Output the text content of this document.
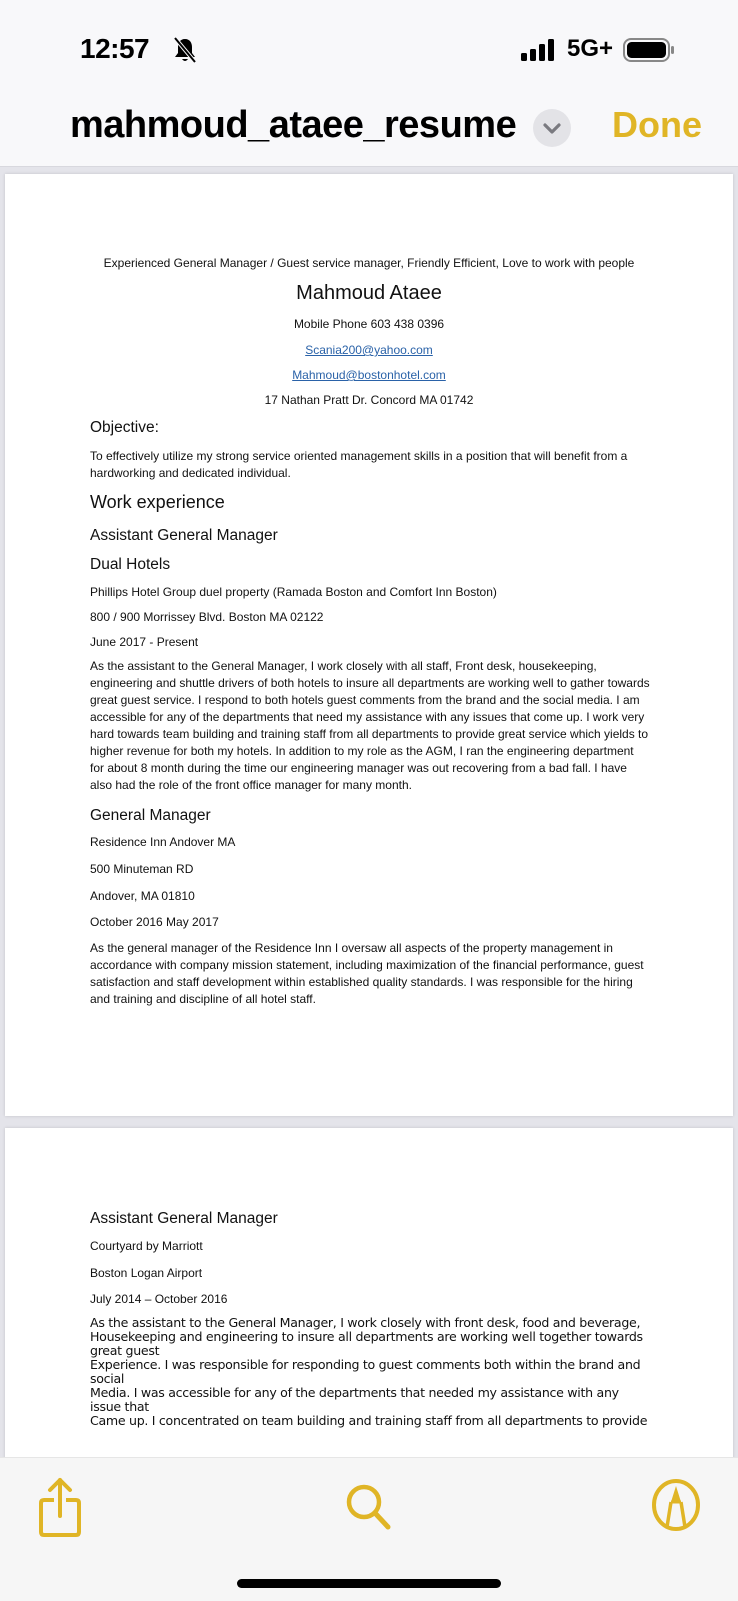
12:57	5G+
mahmoud_ataee_resume	Done
Experienced General Manager / Guest service manager, Friendly Efficient, Love to work with people
Mahmoud Ataee
Mobile Phone 603 438 0396
Scania200@yahoo.com
Mahmoud@bostonhotel.com
17 Nathan Pratt Dr. Concord MA 01742
Objective:
To effectively utilize my strong service oriented management skills in a position that will benefit from a hardworking and dedicated individual.
Work experience
Assistant General Manager
Dual Hotels
Phillips Hotel Group duel property (Ramada Boston and Comfort Inn Boston)
800 / 900 Morrissey Blvd. Boston MA 02122
June 2017 - Present
As the assistant to the General Manager, I work closely with all staff, Front desk, housekeeping, engineering and shuttle drivers of both hotels to insure all departments are working well to gather towards great guest service. I respond to both hotels guest comments from the brand and the social media. I am accessible for any of the departments that need my assistance with any issues that come up. I work very hard towards team building and training staff from all departments to provide great service which yields to higher revenue for both my hotels. In addition to my role as the AGM, I ran the engineering department for about 8 month during the time our engineering manager was out recovering from a bad fall. I have also had the role of the front office manager for many month.
General Manager
Residence Inn Andover MA
500 Minuteman RD
Andover, MA 01810
October 2016 May 2017
As the general manager of the Residence Inn I oversaw all aspects of the property management in accordance with company mission statement, including maximization of the financial performance, guest satisfaction and staff development within established quality standards. I was responsible for the hiring and training and discipline of all hotel staff.
Assistant General Manager
Courtyard by Marriott
Boston Logan Airport
July 2014 – October 2016
As the assistant to the General Manager, I work closely with front desk, food and beverage,
Housekeeping and engineering to insure all departments are working well together towards
great guest
Experience. I was responsible for responding to guest comments both within the brand and
social
Media. I was accessible for any of the departments that needed my assistance with any
issue that
Came up. I concentrated on team building and training staff from all departments to provide
